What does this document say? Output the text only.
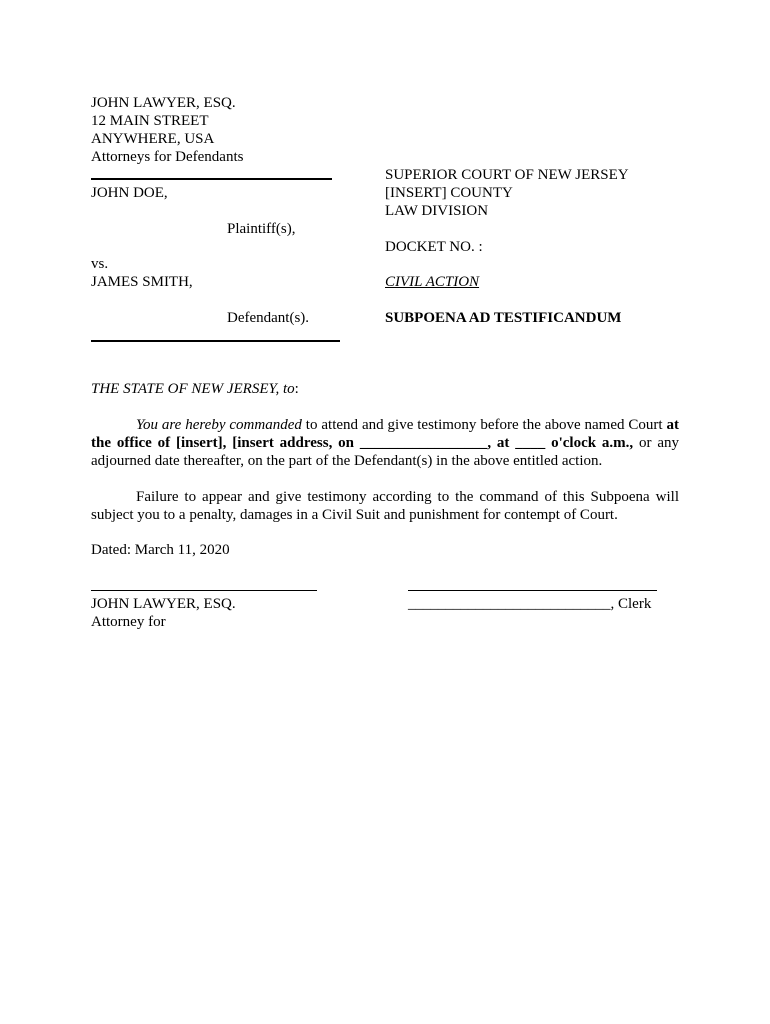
JOHN LAWYER, ESQ.
12 MAIN STREET
ANYWHERE, USA
Attorneys for Defendants
SUPERIOR COURT OF NEW JERSEY
[INSERT] COUNTY
LAW DIVISION
DOCKET NO. :
CIVIL ACTION
SUBPOENA AD TESTIFICANDUM
JOHN DOE,
Plaintiff(s),
vs.
JAMES SMITH,
Defendant(s).
THE STATE OF NEW JERSEY, to:
You are hereby commanded to attend and give testimony before the above named Court at the office of [insert], [insert address, on _________________, at ____ o'clock a.m., or any adjourned date thereafter, on the part of the Defendant(s) in the above entitled action.
Failure to appear and give testimony according to the command of this Subpoena will subject you to a penalty, damages in a Civil Suit and punishment for contempt of Court.
Dated: March 11, 2020
JOHN LAWYER, ESQ.
Attorney for
___________________________, Clerk
